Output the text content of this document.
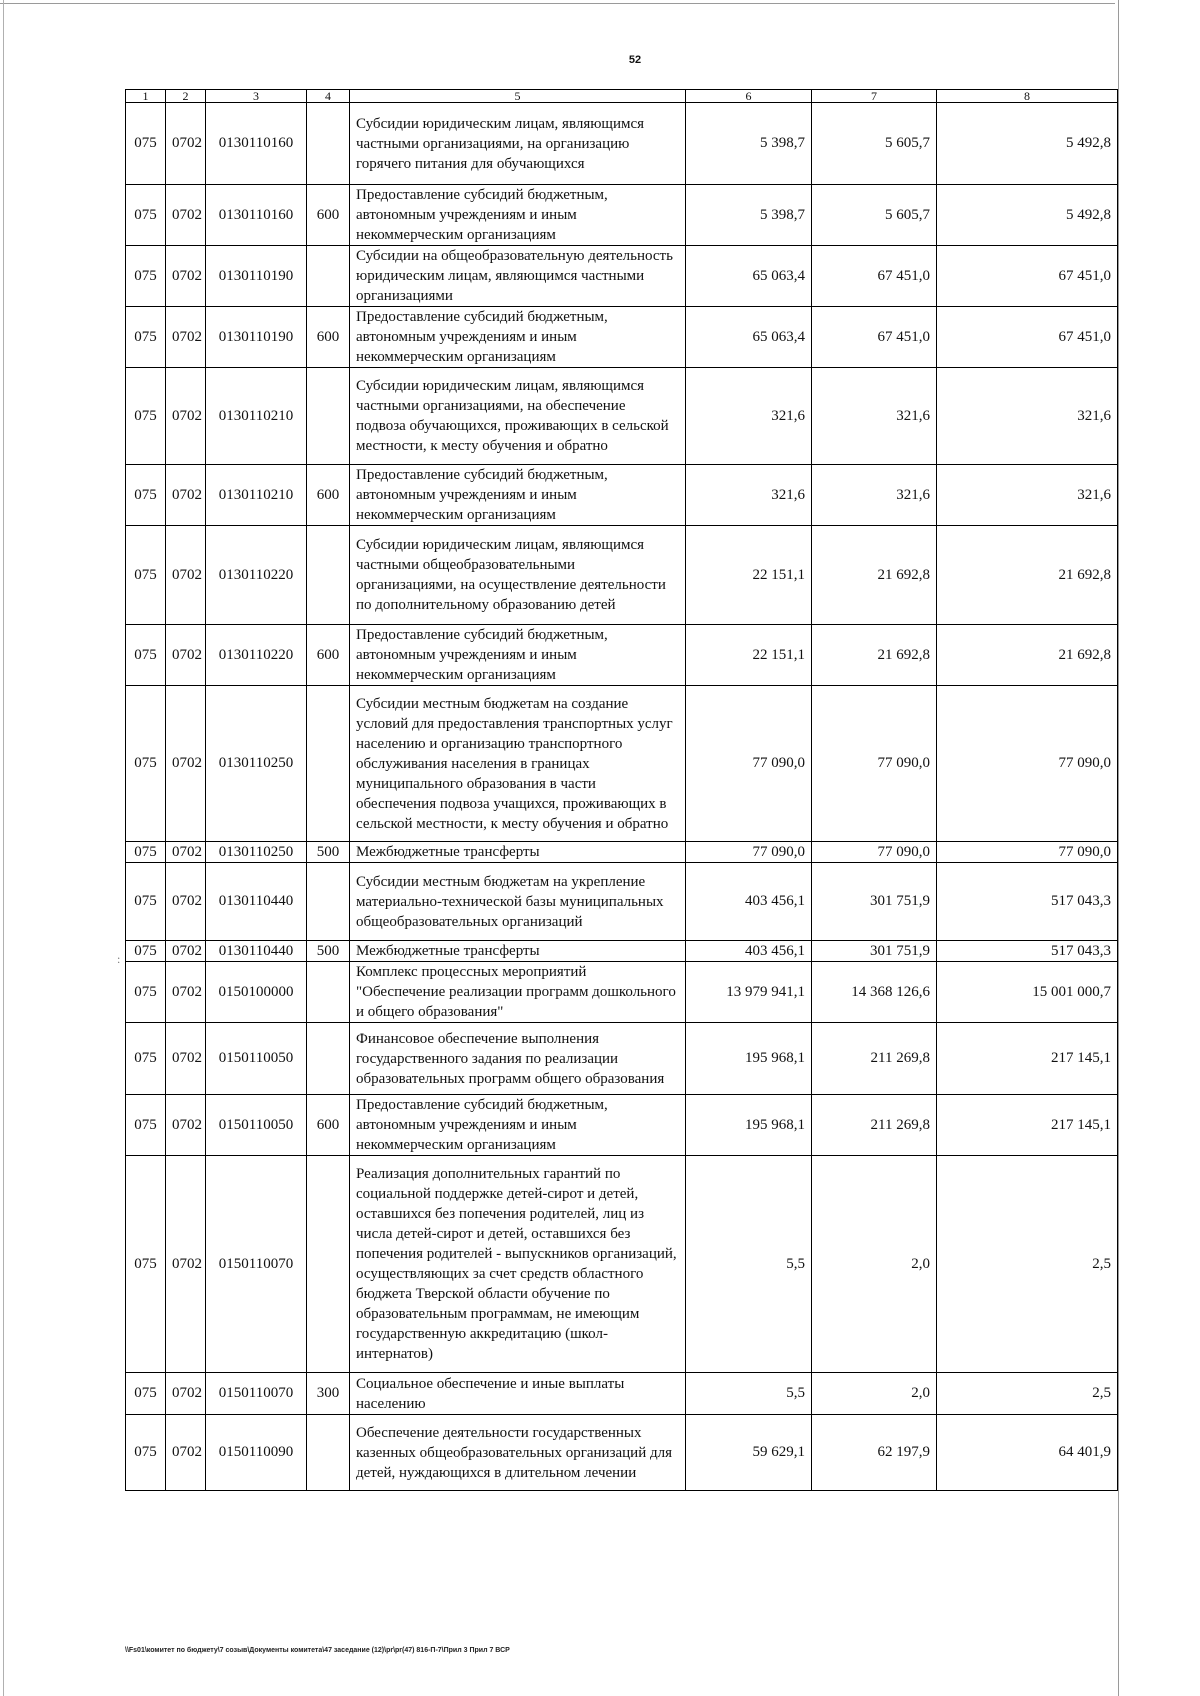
52
:
1	2	3	4	5	6	7	8
075	0702	0130110160		Субсидии юридическим лицам, являющимся частными организациями, на организацию горячего питания для обучающихся	5 398,7	5 605,7	5 492,8
075	0702	0130110160	600	Предоставление субсидий бюджетным, автономным учреждениям и иным некоммерческим организациям	5 398,7	5 605,7	5 492,8
075	0702	0130110190		Субсидии на общеобразовательную деятельность юридическим лицам, являющимся частными организациями	65 063,4	67 451,0	67 451,0
075	0702	0130110190	600	Предоставление субсидий бюджетным, автономным учреждениям и иным некоммерческим организациям	65 063,4	67 451,0	67 451,0
075	0702	0130110210		Субсидии юридическим лицам, являющимся частными организациями, на обеспечение подвоза обучающихся, проживающих в сельской местности, к месту обучения и обратно	321,6	321,6	321,6
075	0702	0130110210	600	Предоставление субсидий бюджетным, автономным учреждениям и иным некоммерческим организациям	321,6	321,6	321,6
075	0702	0130110220		Субсидии юридическим лицам, являющимся частными общеобразовательными организациями, на осуществление деятельности по дополнительному образованию детей	22 151,1	21 692,8	21 692,8
075	0702	0130110220	600	Предоставление субсидий бюджетным, автономным учреждениям и иным некоммерческим организациям	22 151,1	21 692,8	21 692,8
075	0702	0130110250		Субсидии местным бюджетам на создание условий для предоставления транспортных услуг населению и организацию транспортного обслуживания населения в границах муниципального образования в части обеспечения подвоза учащихся, проживающих в сельской местности, к месту обучения и обратно	77 090,0	77 090,0	77 090,0
075	0702	0130110250	500	Межбюджетные трансферты	77 090,0	77 090,0	77 090,0
075	0702	0130110440		Субсидии местным бюджетам на укрепление материально-технической базы муниципальных общеобразовательных организаций	403 456,1	301 751,9	517 043,3
075	0702	0130110440	500	Межбюджетные трансферты	403 456,1	301 751,9	517 043,3
075	0702	0150100000		Комплекс процессных мероприятий "Обеспечение реализации программ дошкольного и общего образования"	13 979 941,1	14 368 126,6	15 001 000,7
075	0702	0150110050		Финансовое обеспечение выполнения государственного задания по реализации образовательных программ общего образования	195 968,1	211 269,8	217 145,1
075	0702	0150110050	600	Предоставление субсидий бюджетным, автономным учреждениям и иным некоммерческим организациям	195 968,1	211 269,8	217 145,1
075	0702	0150110070		Реализация дополнительных гарантий по социальной поддержке детей-сирот и детей, оставшихся без попечения родителей, лиц из числа детей-сирот и детей, оставшихся без попечения родителей - выпускников организаций, осуществляющих за счет средств областного бюджета Тверской области обучение по образовательным программам, не имеющим государственную аккредитацию (школ-интернатов)	5,5	2,0	2,5
075	0702	0150110070	300	Социальное обеспечение и иные выплаты населению	5,5	2,0	2,5
075	0702	0150110090		Обеспечение деятельности государственных казенных общеобразовательных организаций для детей, нуждающихся в длительном лечении	59 629,1	62 197,9	64 401,9
\\Fs01\комитет по бюджету\7 созыв\Документы комитета\47 заседание (12)\pr\pr(47) 816-П-7\Прил 3 Прил 7 ВСР
